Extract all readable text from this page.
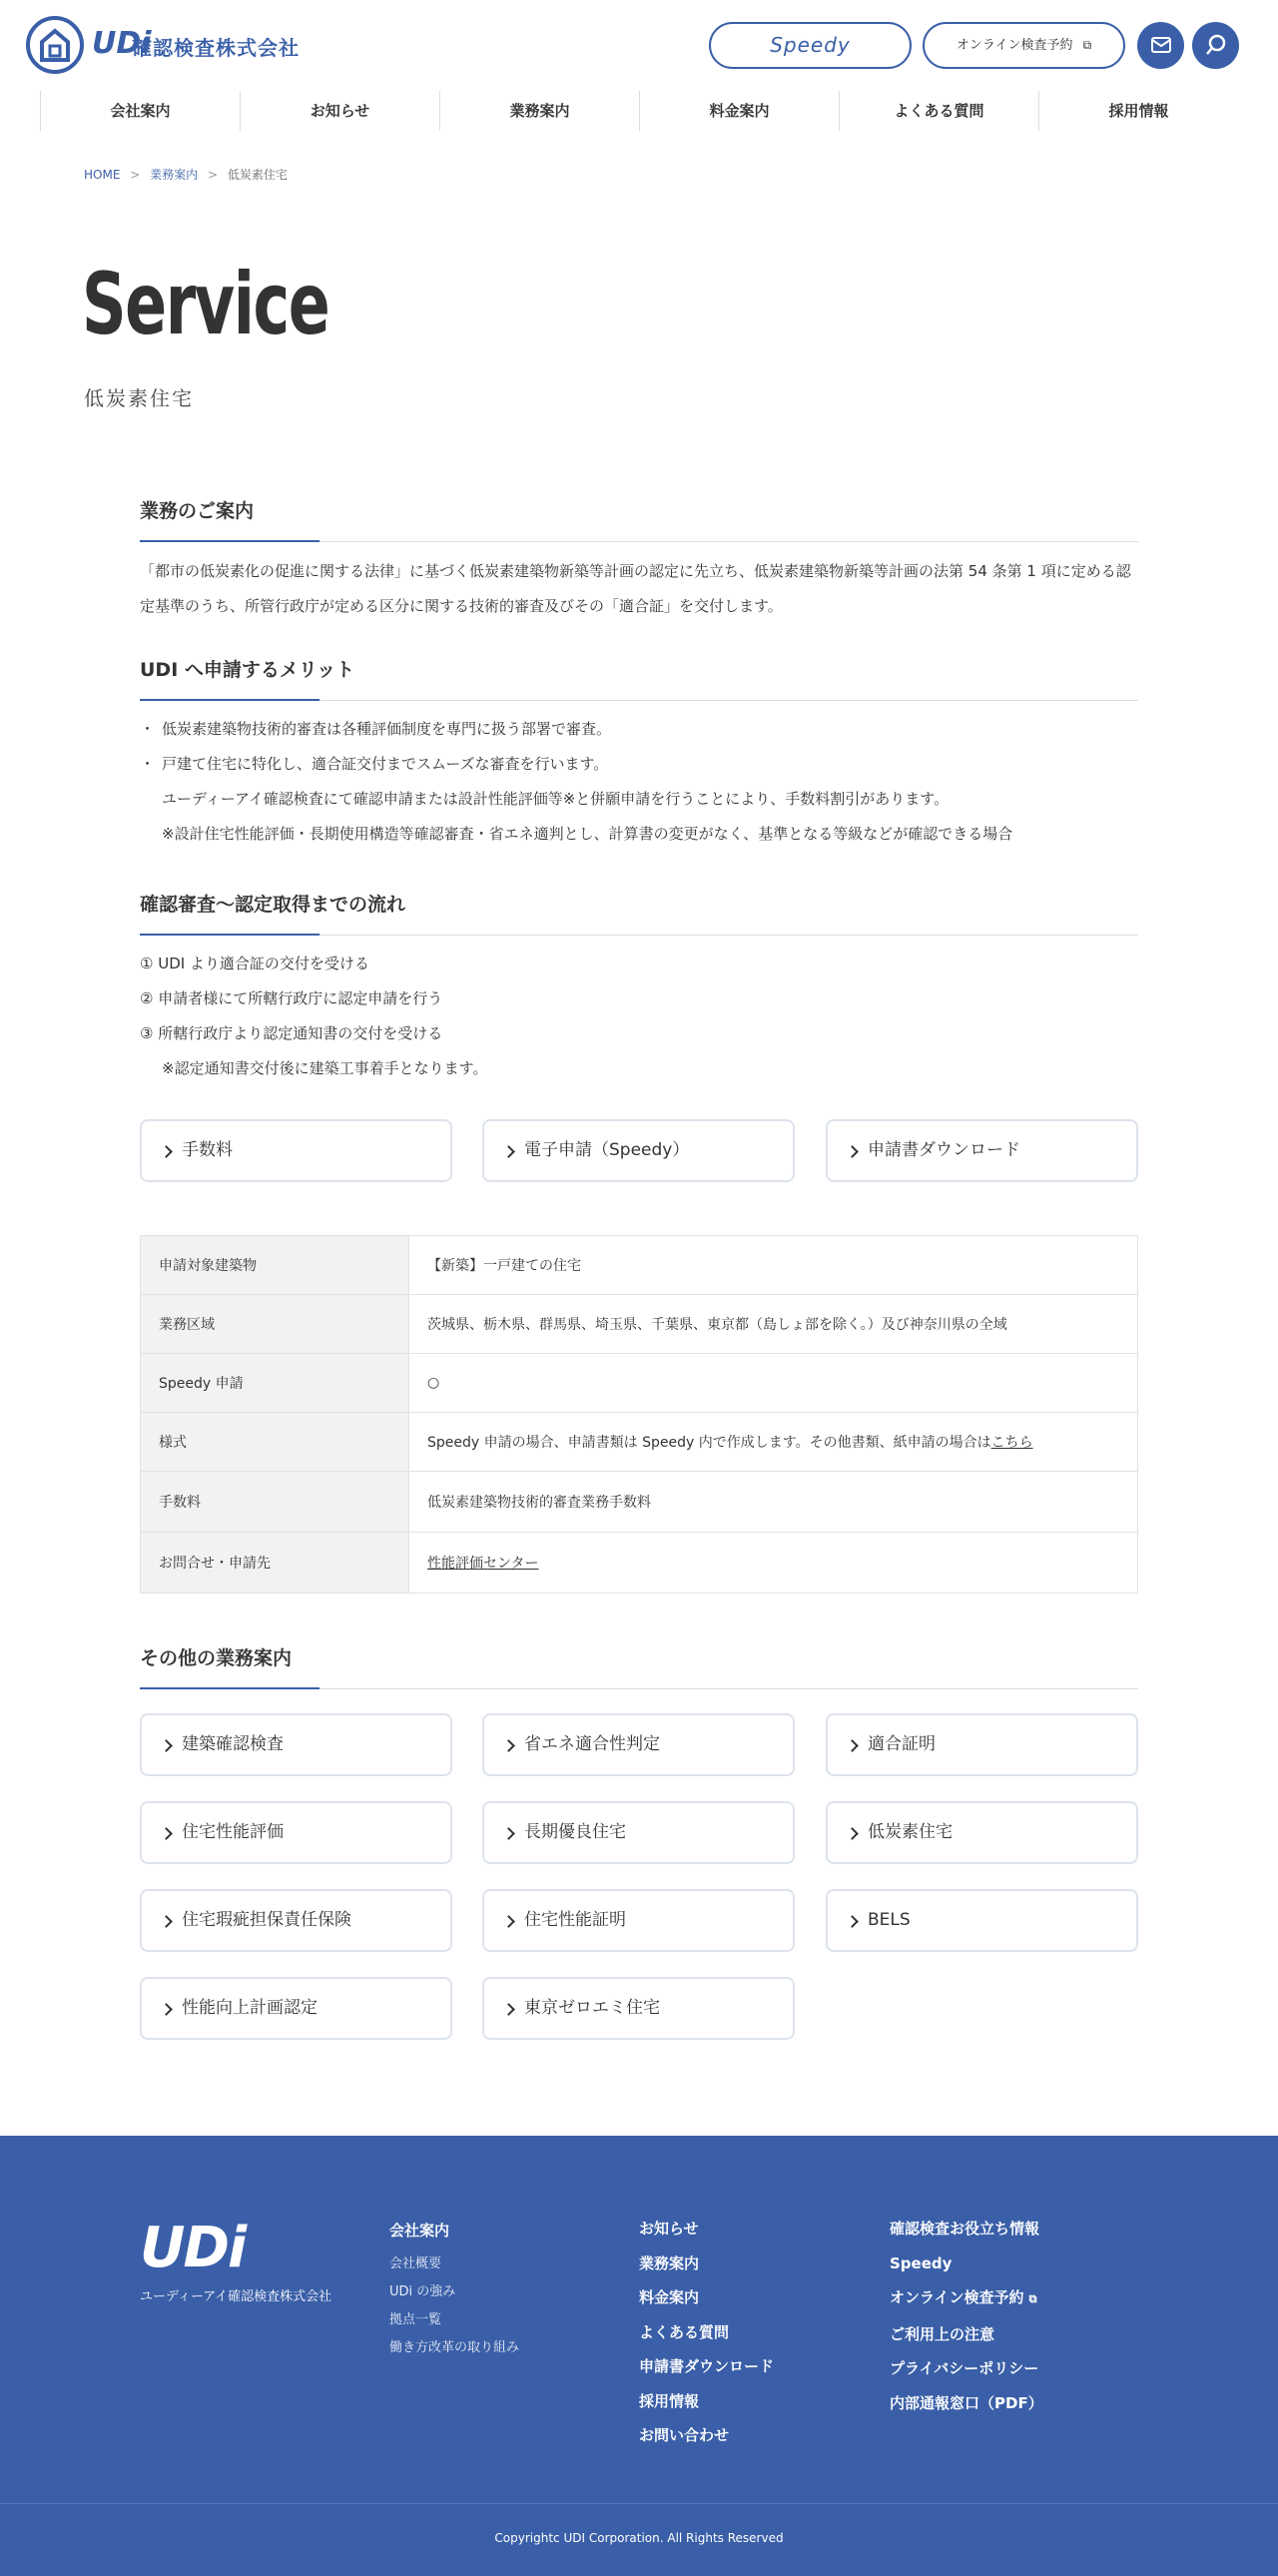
UDi
確認検査株式会社	Speedy	オンライン検査予約 ⧉
会社案内	お知らせ	業務案内	料金案内	よくある質問	採用情報
HOME > 業務案内 > 低炭素住宅
Service
低炭素住宅
業務のご案内
「都市の低炭素化の促進に関する法律」に基づく低炭素建築物新築等計画の認定に先立ち、低炭素建築物新築等計画の法第 54 条第 1 項に定める認定基準のうち、所管行政庁が定める区分に関する技術的審査及びその「適合証」を交付します。
UDI へ申請するメリット
・ 低炭素建築物技術的審査は各種評価制度を専門に扱う部署で審査。
・ 戸建て住宅に特化し、適合証交付までスムーズな審査を行います。
ユーディーアイ確認検査にて確認申請または設計性能評価等※と併願申請を行うことにより、手数料割引があります。
※設計住宅性能評価・長期使用構造等確認審査・省エネ適判とし、計算書の変更がなく、基準となる等級などが確認できる場合
確認審査～認定取得までの流れ
① UDI より適合証の交付を受ける
② 申請者様にて所轄行政庁に認定申請を行う
③ 所轄行政庁より認定通知書の交付を受ける
※認定通知書交付後に建築工事着手となります。
手数料	電子申請（Speedy）	申請書ダウンロード
申請対象建築物	【新築】一戸建ての住宅
業務区域	茨城県、栃木県、群馬県、埼玉県、千葉県、東京都（島しょ部を除く。）及び神奈川県の全域
Speedy 申請	○
様式	Speedy 申請の場合、申請書類は Speedy 内で作成します。その他書類、紙申請の場合はこちら
手数料	低炭素建築物技術的審査業務手数料
お問合せ・申請先	性能評価センター
その他の業務案内
建築確認検査	省エネ適合性判定	適合証明
住宅性能評価	長期優良住宅	低炭素住宅
住宅瑕疵担保責任保険	住宅性能証明	BELS
性能向上計画認定	東京ゼロエミ住宅
UDi
ユーディーアイ確認検査株式会社
会社案内
会社概要
UDi の強み
拠点一覧
働き方改革の取り組み
お知らせ
業務案内
料金案内
よくある質問
申請書ダウンロード
採用情報
お問い合わせ
確認検査お役立ち情報
Speedy
オンライン検査予約 ⧉
ご利用上の注意
プライバシーポリシー
内部通報窓口（PDF）
Copyrightc UDI Corporation. All Rights Reserved
